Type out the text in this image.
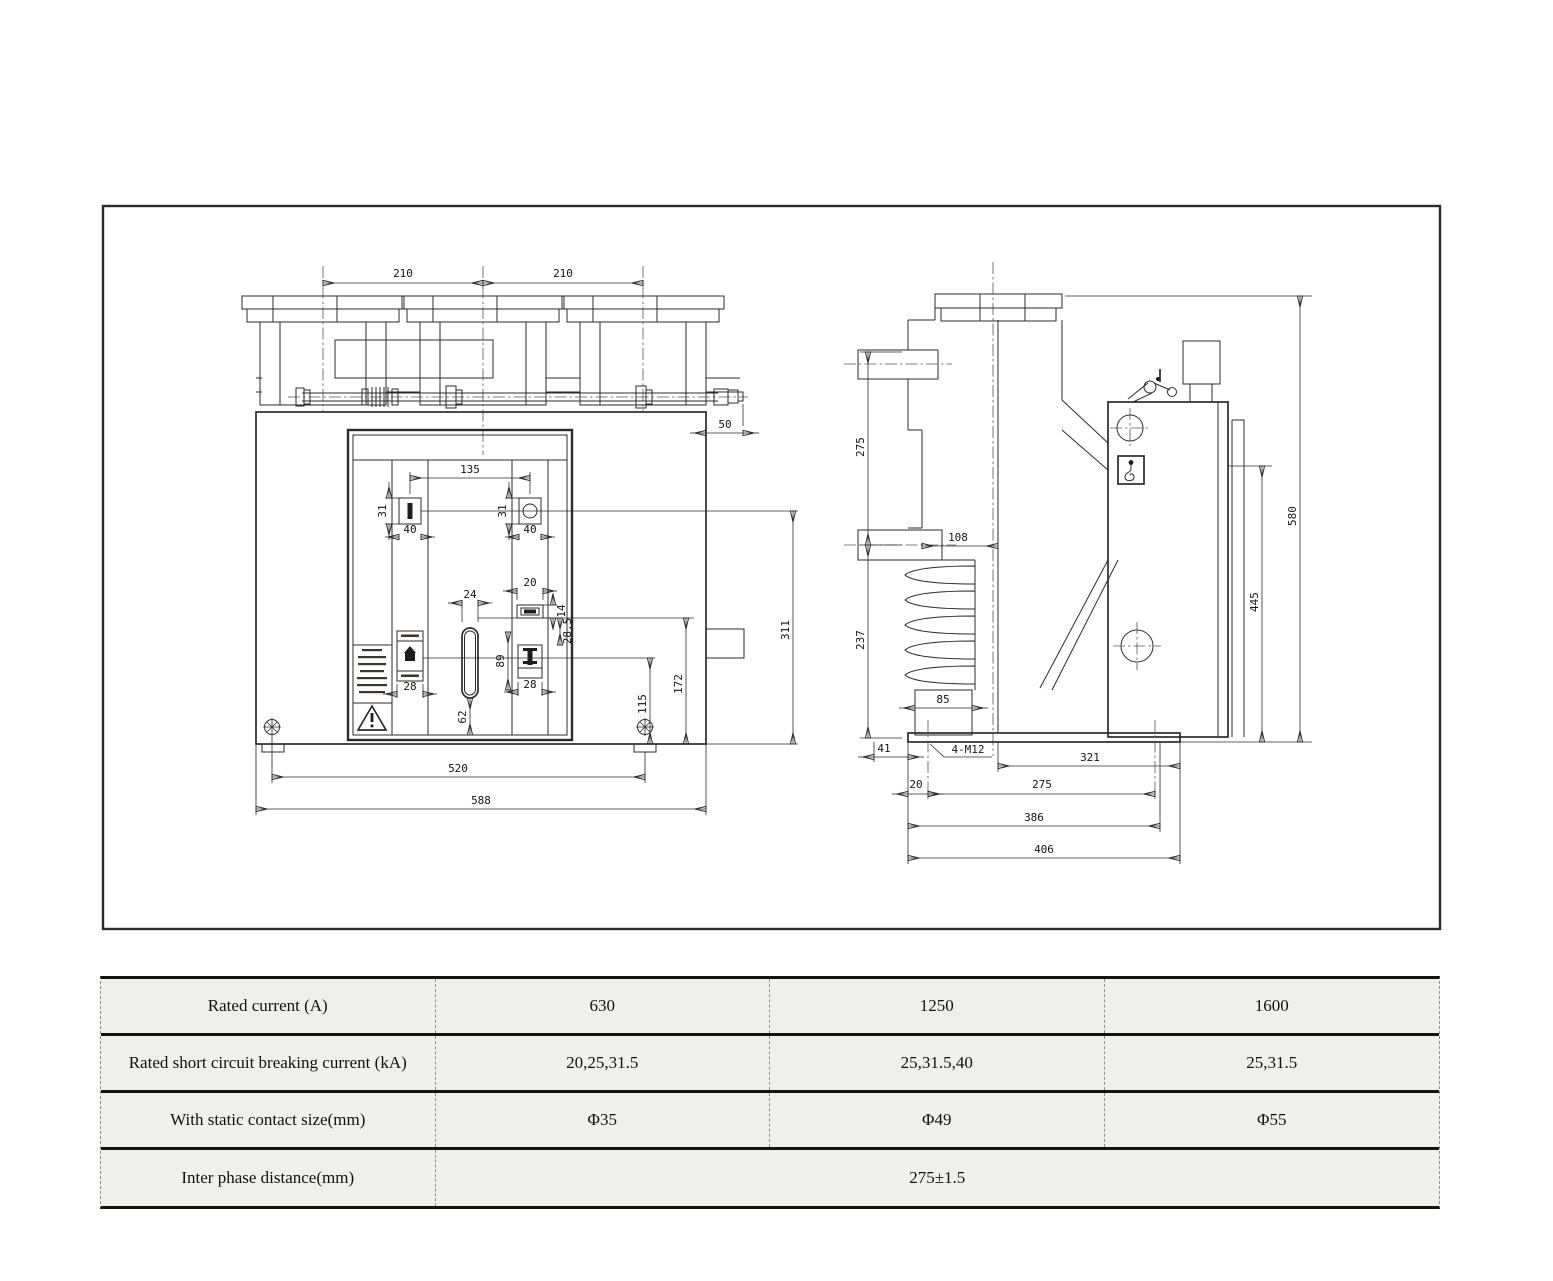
210	210
135
31
40
31
40
20
14
28.5
28
28
24
89
62
115
172
311
50
520
588
275
237
108
85
41	4-M12
321
20	275
386
406
445
580
Rated current (A)	630	1250	1600
Rated short circuit breaking current (kA)	20,25,31.5	25,31.5,40	25,31.5
With static contact size(mm)	Φ35	Φ49	Φ55
Inter phase distance(mm)	275±1.5
